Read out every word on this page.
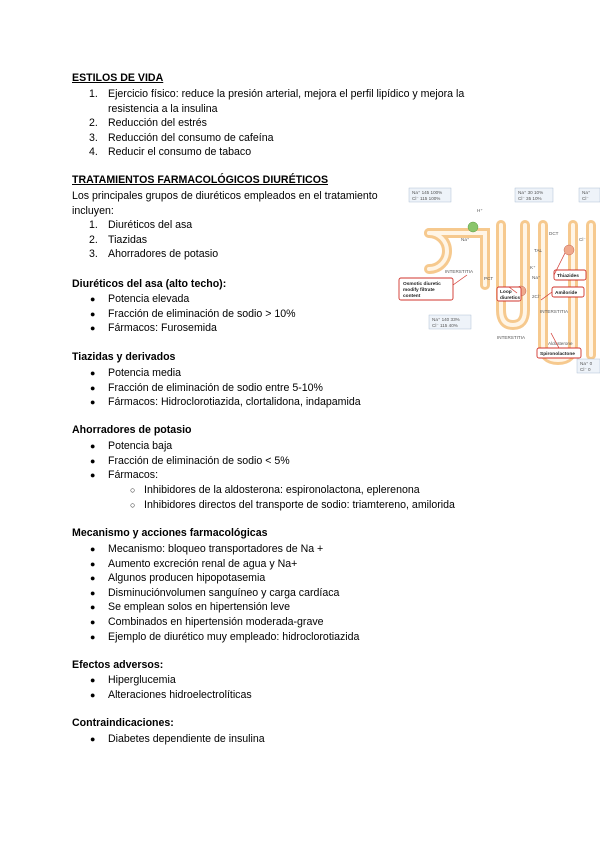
ESTILOS DE VIDA
1. Ejercicio físico: reduce la presión arterial, mejora el perfil lipídico y mejora la
resistencia a la insulina
2. Reducción del estrés
3. Reducción del consumo de cafeína
4. Reducir el consumo de tabaco
TRATAMIENTOS FARMACOLÓGICOS DIURÉTICOS
Los principales grupos de diuréticos empleados en el tratamiento
incluyen:
1. Diuréticos del asa
2. Tiazidas
3. Ahorradores de potasio
Diuréticos del asa (alto techo):
● Potencia elevada
● Fracción de eliminación de sodio > 10%
● Fármacos: Furosemida
Tiazidas y derivados
● Potencia media
● Fracción de eliminación de sodio entre 5-10%
● Fármacos: Hidroclorotiazida, clortalidona, indapamida
Ahorradores de potasio
● Potencia baja
● Fracción de eliminación de sodio < 5%
● Fármacos:
○ Inhibidores de la aldosterona: espironolactona, eplerenona
○ Inhibidores directos del transporte de sodio: triamtereno, amilorida
Mecanismo y acciones farmacológicas
● Mecanismo: bloqueo transportadores de Na +
● Aumento excreción renal de agua y Na+
● Algunos producen hipopotasemia
● Disminuciónvolumen sanguíneo y carga cardíaca
● Se emplean solos en hipertensión leve
● Combinados en hipertensión moderada-grave
● Ejemplo de diurético muy empleado: hidroclorotiazida
Efectos adversos:
● Hiperglucemia
● Alteraciones hidroelectrolíticas
Contraindicaciones:
● Diabetes dependiente de insulina
Na⁺ 145 100%
Cl⁻ 115 100%
Na⁺ 30 10%
Cl⁻ 35 10%
Na⁺
Cl⁻
Na⁺ 140 33%
Cl⁻ 115 40%
Na⁺ 0
Cl⁻ 0
H⁺
Na⁺
K⁺
Na⁺
2Cl⁻
Cl⁻
TAL
DCT
PCT
INTERSTITIA
INTERSTITIA
INTERSTITIA
Aldosterone
Osmotic diuretic
modify filtrate
content
Loop
diuretics
Thiazides
Amiloride
Spironolactone
